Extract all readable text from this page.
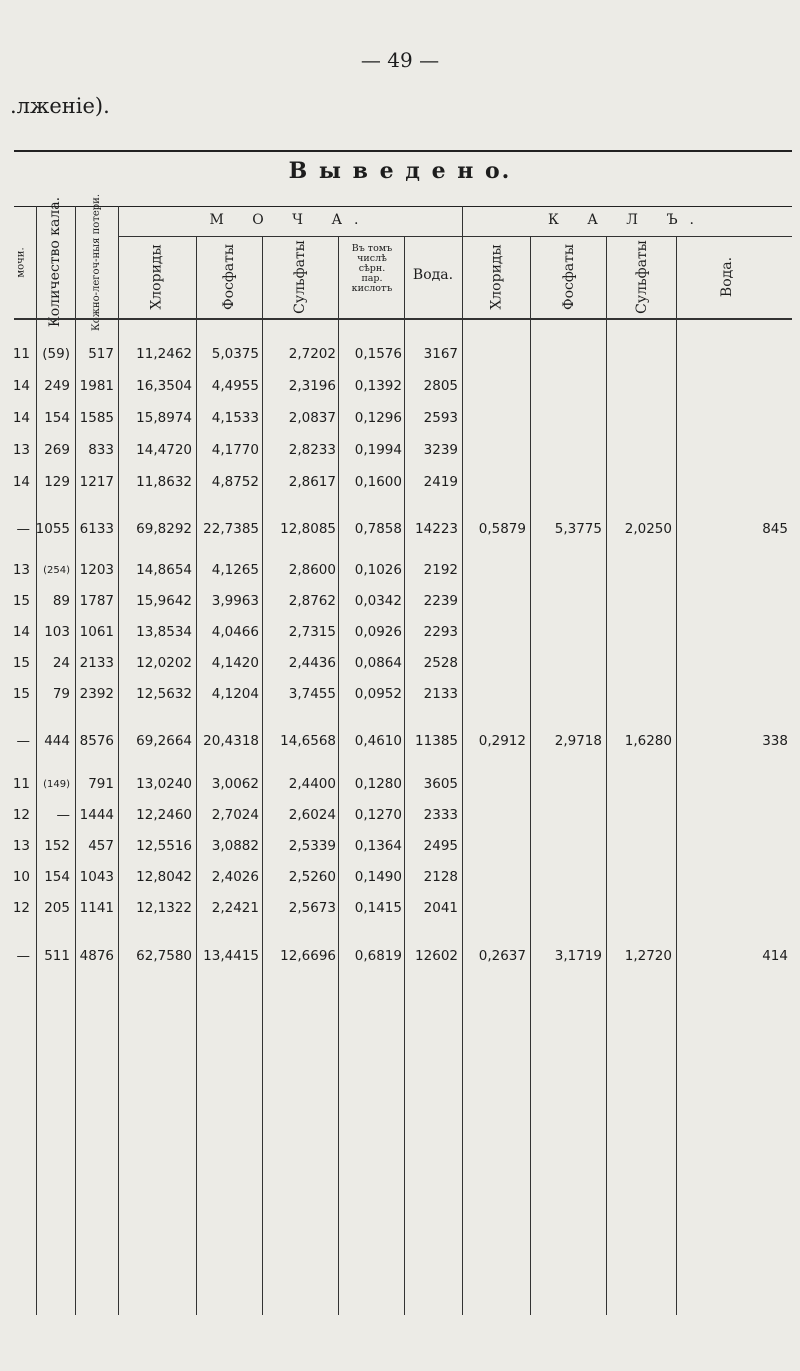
— 49 —
.лженіе).
В ы в е д е н о.
М О Ч А.	К А Л Ъ.
мочи. Количество кала.	Кожно-легоч-ныя потери.	Хлориды	Фосфаты	Сульфаты	Въ томъ
числѣ
сѣрн.
пар.
кислотъ
Вода.	Хлориды	Фосфаты	Сульфаты	Вода.
11 (59) 517 11,2462 5,0375 2,7202 0,1576 3167
14 249 1981 16,3504 4,4955 2,3196 0,1392 2805
14 154 1585 15,8974 4,1533 2,0837 0,1296 2593
13 269 833 14,4720 4,1770 2,8233 0,1994 3239
14 129 1217 11,8632 4,8752 2,8617 0,1600 2419
— 1055 6133 69,8292 22,7385 12,8085 0,7858 14223 0,5879 5,3775 2,0250	845
13 (254) 1203 14,8654 4,1265 2,8600 0,1026 2192
15 89 1787 15,9642 3,9963 2,8762 0,0342 2239
14 103 1061 13,8534 4,0466 2,7315 0,0926 2293
15 24 2133 12,0202 4,1420 2,4436 0,0864 2528
15 79 2392 12,5632 4,1204 3,7455 0,0952 2133
— 444 8576 69,2664 20,4318 14,6568 0,4610 11385 0,2912 2,9718 1,6280	338
11 (149) 791 13,0240 3,0062 2,4400 0,1280 3605
12 — 1444 12,2460 2,7024 2,6024 0,1270 2333
13 152 457 12,5516 3,0882 2,5339 0,1364 2495
10 154 1043 12,8042 2,4026 2,5260 0,1490 2128
12 205 1141 12,1322 2,2421 2,5673 0,1415 2041
— 511 4876 62,7580 13,4415 12,6696 0,6819 12602 0,2637 3,1719 1,2720	414
